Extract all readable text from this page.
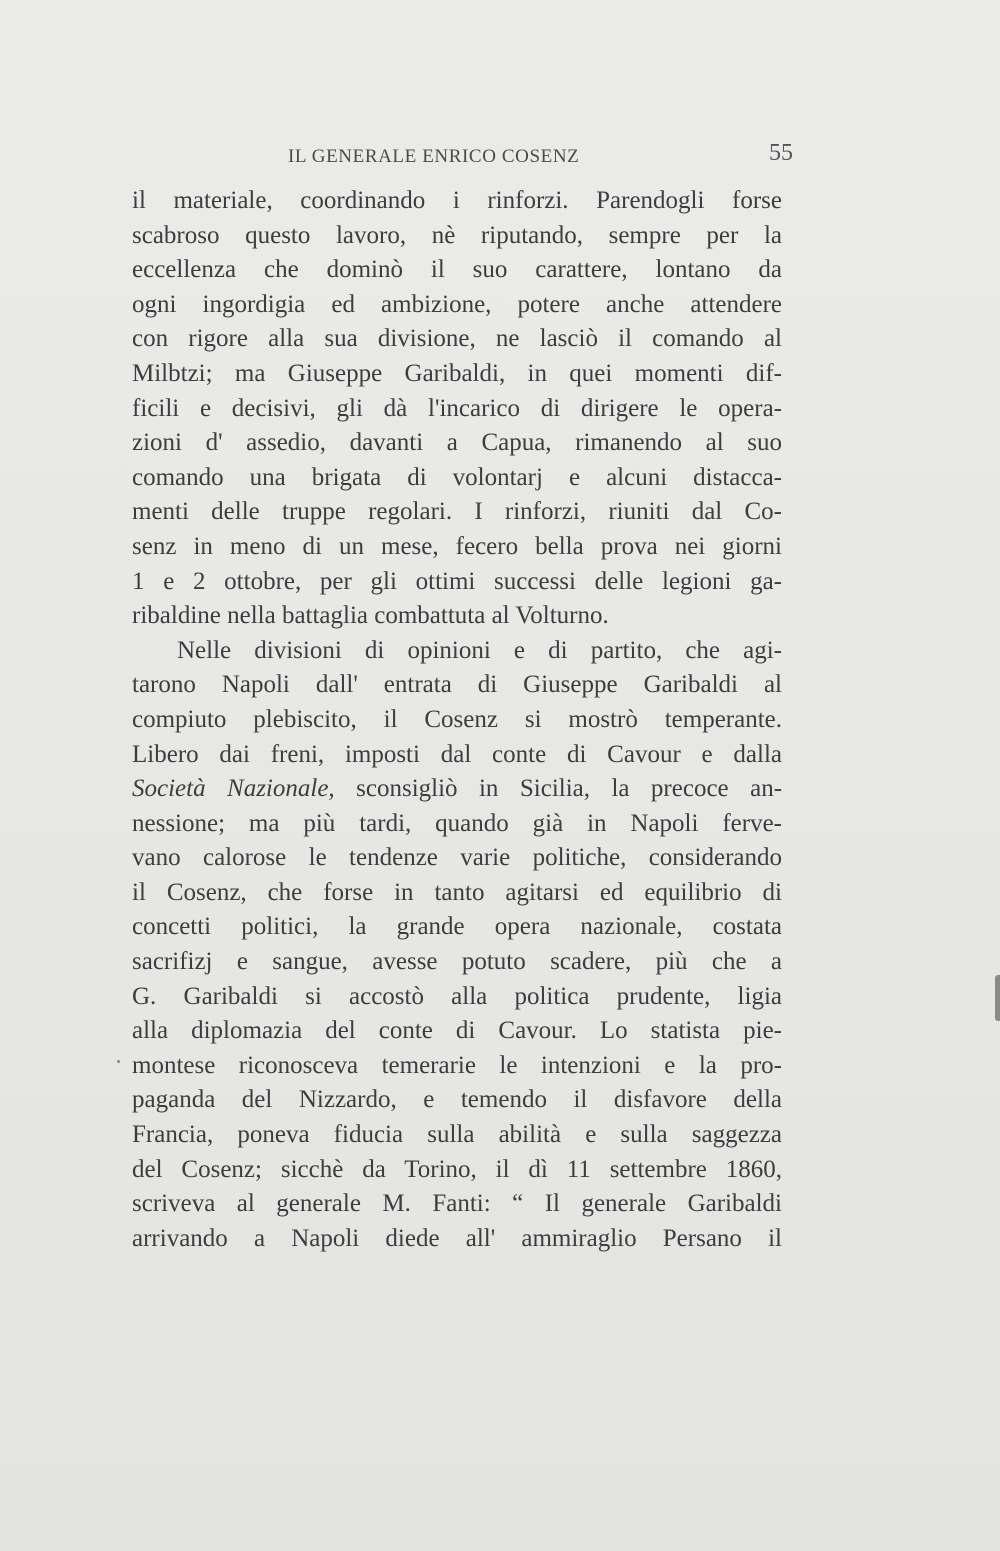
IL GENERALE ENRICO COSENZ	55
il materiale, coordinando i rinforzi. Parendogli forse
scabroso questo lavoro, nè riputando, sempre per la
eccellenza che dominò il suo carattere, lontano da
ogni ingordigia ed ambizione, potere anche attendere
con rigore alla sua divisione, ne lasciò il comando al
Milbtzi; ma Giuseppe Garibaldi, in quei momenti dif-
ficili e decisivi, gli dà l'incarico di dirigere le opera-
zioni d' assedio, davanti a Capua, rimanendo al suo
comando una brigata di volontarj e alcuni distacca-
menti delle truppe regolari. I rinforzi, riuniti dal Co-
senz in meno di un mese, fecero bella prova nei giorni
1 e 2 ottobre, per gli ottimi successi delle legioni ga-
ribaldine nella battaglia combattuta al Volturno.
Nelle divisioni di opinioni e di partito, che agi-
tarono Napoli dall' entrata di Giuseppe Garibaldi al
compiuto plebiscito, il Cosenz si mostrò temperante.
Libero dai freni, imposti dal conte di Cavour e dalla
Società Nazionale, sconsigliò in Sicilia, la precoce an-
nessione; ma più tardi, quando già in Napoli ferve-
vano calorose le tendenze varie politiche, considerando
il Cosenz, che forse in tanto agitarsi ed equilibrio di
concetti politici, la grande opera nazionale, costata
sacrifizj e sangue, avesse potuto scadere, più che a
G. Garibaldi si accostò alla politica prudente, ligia
alla diplomazia del conte di Cavour. Lo statista pie-
montese riconosceva temerarie le intenzioni e la pro-
paganda del Nizzardo, e temendo il disfavore della
Francia, poneva fiducia sulla abilità e sulla saggezza
del Cosenz; sicchè da Torino, il dì 11 settembre 1860,
scriveva al generale M. Fanti: “ Il generale Garibaldi
arrivando a Napoli diede all' ammiraglio Persano il
